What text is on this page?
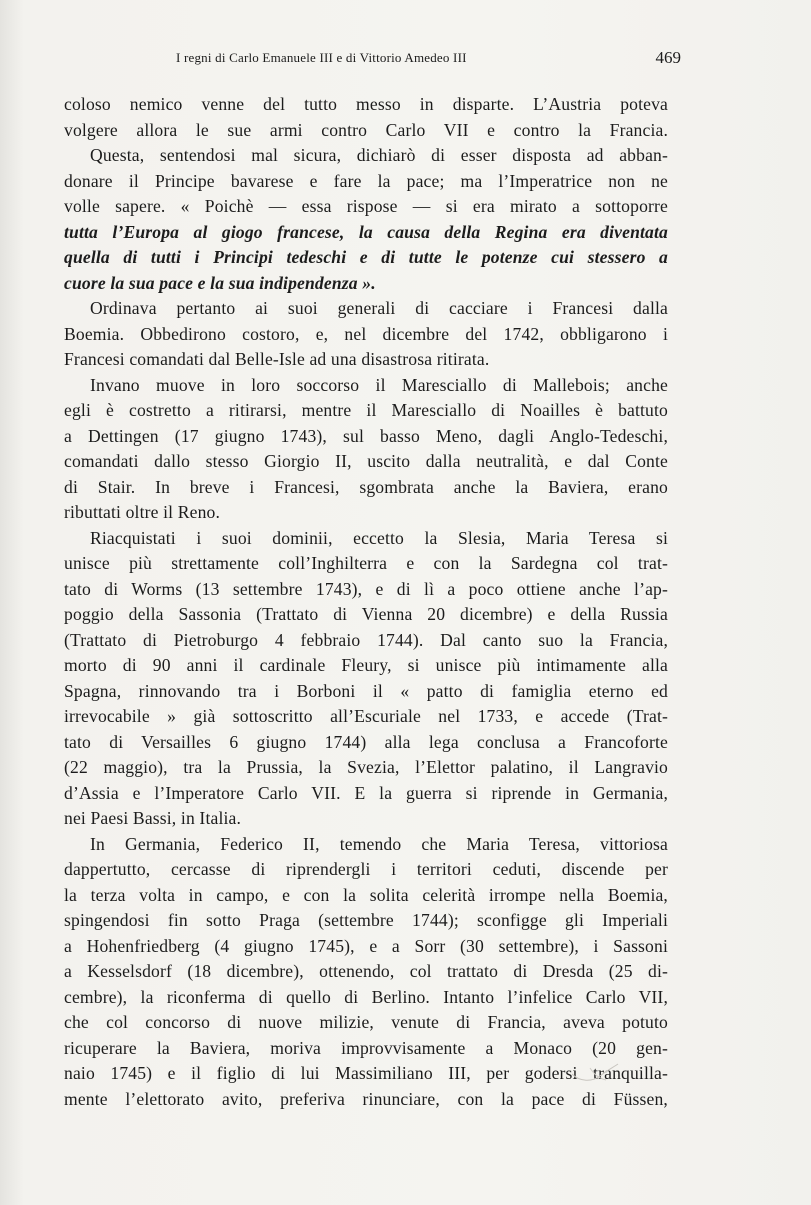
I regni di Carlo Emanuele III e di Vittorio Amedeo III	469
coloso nemico venne del tutto messo in disparte. L’Austria poteva
volgere allora le sue armi contro Carlo VII e contro la Francia.
Questa, sentendosi mal sicura, dichiarò di esser disposta ad abban-
donare il Principe bavarese e fare la pace; ma l’Imperatrice non ne
volle sapere. « Poichè — essa rispose — si era mirato a sottoporre
tutta l’Europa al giogo francese, la causa della Regina era diventata
quella di tutti i Principi tedeschi e di tutte le potenze cui stessero a
cuore la sua pace e la sua indipendenza ».
Ordinava pertanto ai suoi generali di cacciare i Francesi dalla
Boemia. Obbedirono costoro, e, nel dicembre del 1742, obbligarono i
Francesi comandati dal Belle-Isle ad una disastrosa ritirata.
Invano muove in loro soccorso il Maresciallo di Mallebois; anche
egli è costretto a ritirarsi, mentre il Maresciallo di Noailles è battuto
a Dettingen (17 giugno 1743), sul basso Meno, dagli Anglo-Tedeschi,
comandati dallo stesso Giorgio II, uscito dalla neutralità, e dal Conte
di Stair. In breve i Francesi, sgombrata anche la Baviera, erano
ributtati oltre il Reno.
Riacquistati i suoi dominii, eccetto la Slesia, Maria Teresa si
unisce più strettamente coll’Inghilterra e con la Sardegna col trat-
tato di Worms (13 settembre 1743), e di lì a poco ottiene anche l’ap-
poggio della Sassonia (Trattato di Vienna 20 dicembre) e della Russia
(Trattato di Pietroburgo 4 febbraio 1744). Dal canto suo la Francia,
morto di 90 anni il cardinale Fleury, si unisce più intimamente alla
Spagna, rinnovando tra i Borboni il « patto di famiglia eterno ed
irrevocabile » già sottoscritto all’Escuriale nel 1733, e accede (Trat-
tato di Versailles 6 giugno 1744) alla lega conclusa a Francoforte
(22 maggio), tra la Prussia, la Svezia, l’Elettor palatino, il Langravio
d’Assia e l’Imperatore Carlo VII. E la guerra si riprende in Germania,
nei Paesi Bassi, in Italia.
In Germania, Federico II, temendo che Maria Teresa, vittoriosa
dappertutto, cercasse di riprendergli i territori ceduti, discende per
la terza volta in campo, e con la solita celerità irrompe nella Boemia,
spingendosi fin sotto Praga (settembre 1744); sconfigge gli Imperiali
a Hohenfriedberg (4 giugno 1745), e a Sorr (30 settembre), i Sassoni
a Kesselsdorf (18 dicembre), ottenendo, col trattato di Dresda (25 di-
cembre), la riconferma di quello di Berlino. Intanto l’infelice Carlo VII,
che col concorso di nuove milizie, venute di Francia, aveva potuto
ricuperare la Baviera, moriva improvvisamente a Monaco (20 gen-
naio 1745) e il figlio di lui Massimiliano III, per godersi tranquilla-
mente l’elettorato avito, preferiva rinunciare, con la pace di Füssen,
